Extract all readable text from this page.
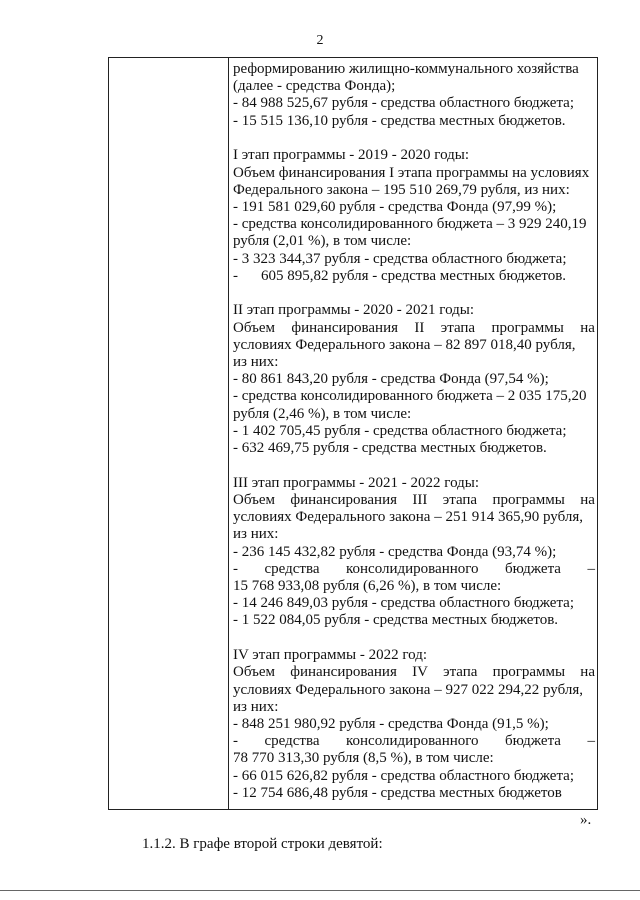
2
реформированию жилищно-коммунального хозяйства
(далее - средства Фонда);
- 84 988 525,67 рубля - средства областного бюджета;
- 15 515 136,10 рубля - средства местных бюджетов.
I этап программы - 2019 - 2020 годы:
Объем финансирования I этапа программы на условиях
Федерального закона – 195 510 269,79 рубля, из них:
- 191 581 029,60 рубля - средства Фонда (97,99 %);
- средства консолидированного бюджета – 3 929 240,19
рубля (2,01 %), в том числе:
- 3 323 344,37 рубля - средства областного бюджета;
- 605 895,82 рубля - средства местных бюджетов.
II этап программы - 2020 - 2021 годы:
Объем финансирования II этапа программы на
условиях Федерального закона – 82 897 018,40 рубля,
из них:
- 80 861 843,20 рубля - средства Фонда (97,54 %);
- средства консолидированного бюджета – 2 035 175,20
рубля (2,46 %), в том числе:
- 1 402 705,45 рубля - средства областного бюджета;
- 632 469,75 рубля - средства местных бюджетов.
III этап программы - 2021 - 2022 годы:
Объем финансирования III этапа программы на
условиях Федерального закона – 251 914 365,90 рубля,
из них:
- 236 145 432,82 рубля - средства Фонда (93,74 %);
- средства консолидированного бюджета –
15 768 933,08 рубля (6,26 %), в том числе:
- 14 246 849,03 рубля - средства областного бюджета;
- 1 522 084,05 рубля - средства местных бюджетов.
IV этап программы - 2022 год:
Объем финансирования IV этапа программы на
условиях Федерального закона – 927 022 294,22 рубля,
из них:
- 848 251 980,92 рубля - средства Фонда (91,5 %);
- средства консолидированного бюджета –
78 770 313,30 рубля (8,5 %), в том числе:
- 66 015 626,82 рубля - средства областного бюджета;
- 12 754 686,48 рубля - средства местных бюджетов
».
1.1.2. В графе второй строки девятой:
